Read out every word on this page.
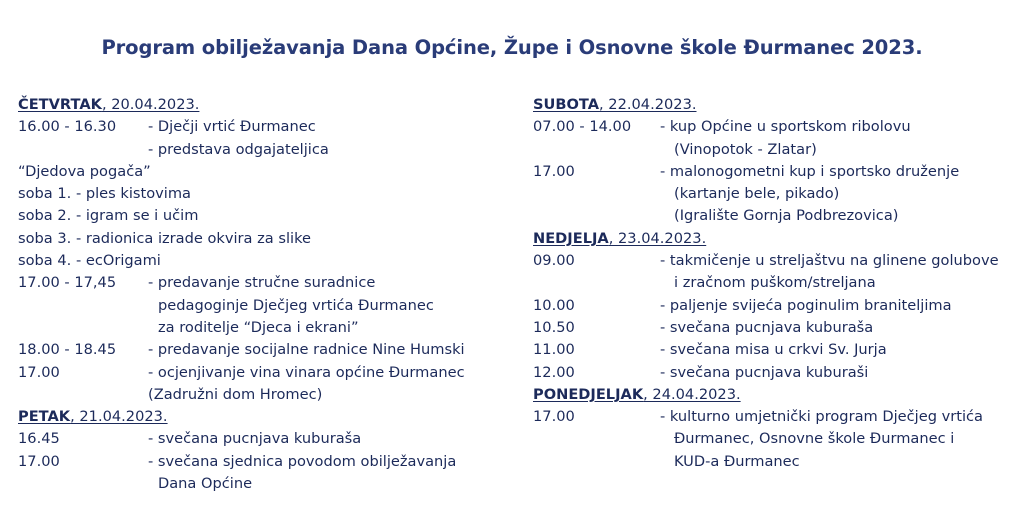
Program obilježavanja Dana Općine, Župe i Osnovne škole Đurmanec 2023.
ČETVRTAK, 20.04.2023.
16.00 - 16.30 - Dječji vrtić Đurmanec
- predstava odgajateljica
“Djedova pogača”
soba 1. - ples kistovima
soba 2. - igram se i učim
soba 3. - radionica izrade okvira za slike
soba 4. - ecOrigami
17.00 - 17,45 - predavanje stručne suradnice
pedagoginje Dječjeg vrtića Đurmanec
za roditelje “Djeca i ekrani”
18.00 - 18.45 - predavanje socijalne radnice Nine Humski
17.00	- ocjenjivanje vina vinara općine Đurmanec
(Zadružni dom Hromec)
PETAK, 21.04.2023.
16.45	- svečana pucnjava kuburaša
17.00	- svečana sjednica povodom obilježavanja
Dana Općine
SUBOTA, 22.04.2023.
07.00 - 14.00 - kup Općine u sportskom ribolovu
(Vinopotok - Zlatar)
17.00	- malonogometni kup i sportsko druženje
(kartanje bele, pikado)
(Igralište Gornja Podbrezovica)
NEDJELJA, 23.04.2023.
09.00	- takmičenje u streljaštvu na glinene golubove
i zračnom puškom/streljana
10.00	- paljenje svijeća poginulim braniteljima
10.50	- svečana pucnjava kuburaša
11.00	- svečana misa u crkvi Sv. Jurja
12.00	- svečana pucnjava kuburaši
PONEDJELJAK, 24.04.2023.
17.00	- kulturno umjetnički program Dječjeg vrtića
Đurmanec, Osnovne škole Đurmanec i
KUD-a Đurmanec
